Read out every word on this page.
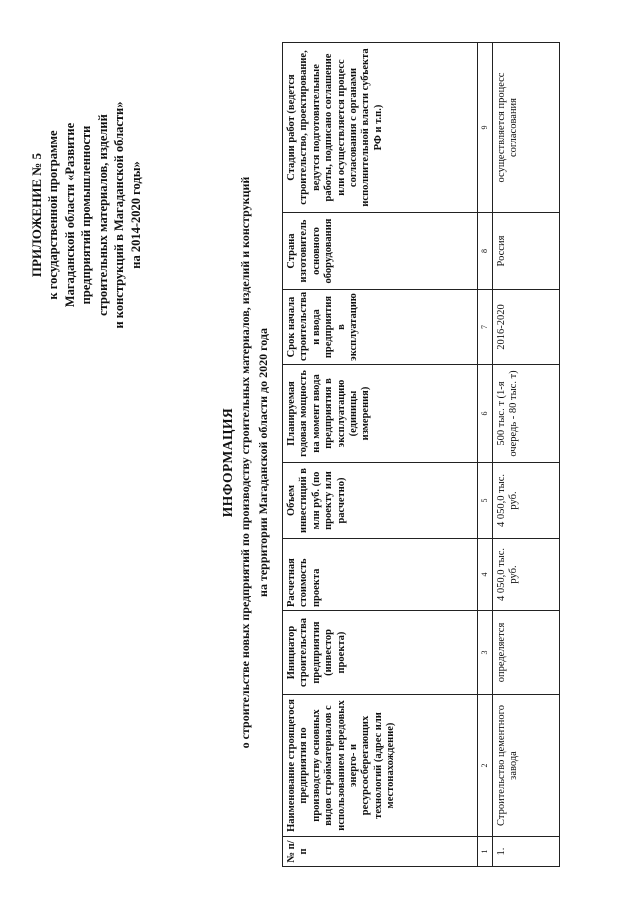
ПРИЛОЖЕНИЕ № 5 к государственной программе Магаданской области «Развитие предприятий промышленности строительных материалов, изделий и конструкций в Магаданской области» на 2014-2020 годы»
ИНФОРМАЦИЯ о строительстве новых предприятий по производству строительных материалов, изделий и конструкций на территории Магаданской области до 2020 года
№ п/п	Наименование строящегося предприятия по производству основных видов стройматериалов с использованием передовых энерго- и ресурсосберегающих технологий (адрес или местонахождение)	Инициатор строительства предприятия (инвестор проекта)	Расчетная стоимость проекта	Объем инвестиций в млн руб. (по проекту или расчетно)	Планируемая годовая мощность на момент ввода предприятия в эксплуатацию (единицы измерения)	Срок начала строительства и ввода предприятия в эксплуатацию	Страна изготовитель основного оборудования	Стадии работ (ведется строительство, проектирование, ведутся подготовительные работы, подписано соглашение или осуществляется процесс согласования с органами исполнительной власти субъекта РФ и т.п.)
1	2	3	4	5	6	7	8	9
1.	Строительство цементного завода	определяется	4 050,0 тыс. руб.	4 050,0 тыс. руб.	500 тыс. т (1-я очередь - 80 тыс. т)	2016-2020	Россия	осуществляется процесс согласования
